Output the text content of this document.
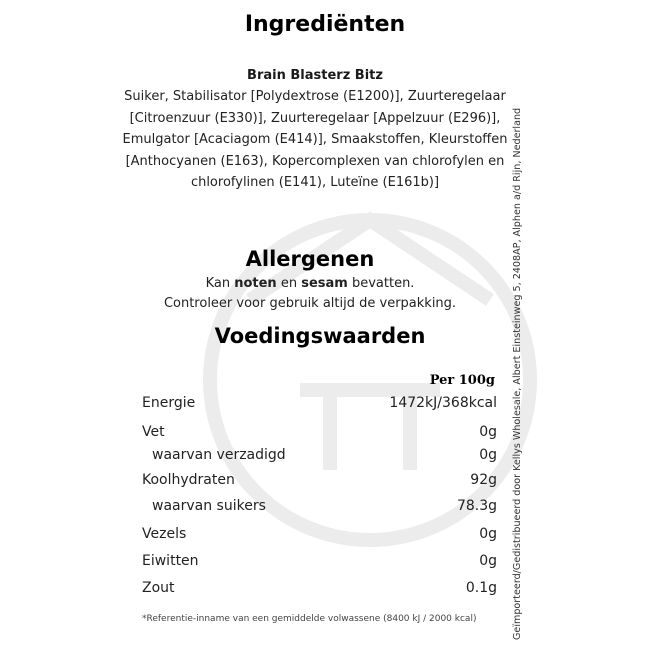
Ingrediënten
Brain Blasterz Bitz
Suiker, Stabilisator [Polydextrose (E1200)], Zuurteregelaar [Citroenzuur (E330)], Zuurteregelaar [Appelzuur (E296)], Emulgator [Acaciagom (E414)], Smaakstoffen, Kleurstoffen [Anthocyanen (E163), Kopercomplexen van chlorofylen en chlorofylinen (E141), Luteïne (E161b)]
Allergenen
Kan noten en sesam bevatten.
Controleer voor gebruik altijd de verpakking.
Voedingswaarden
Per 100g
Energie	1472kJ/368kcal
Vet	0g
waarvan verzadigd	0g
Koolhydraten	92g
waarvan suikers	78.3g
Vezels	0g
Eiwitten	0g
Zout	0.1g
*Referentie-inname van een gemiddelde volwassene (8400 kJ / 2000 kcal)	Geïmporteerd/Gedistribueerd door Kellys Wholesale, Albert Einsteinweg 5, 2408AP, Alphen a/d Rijn, Nederland
